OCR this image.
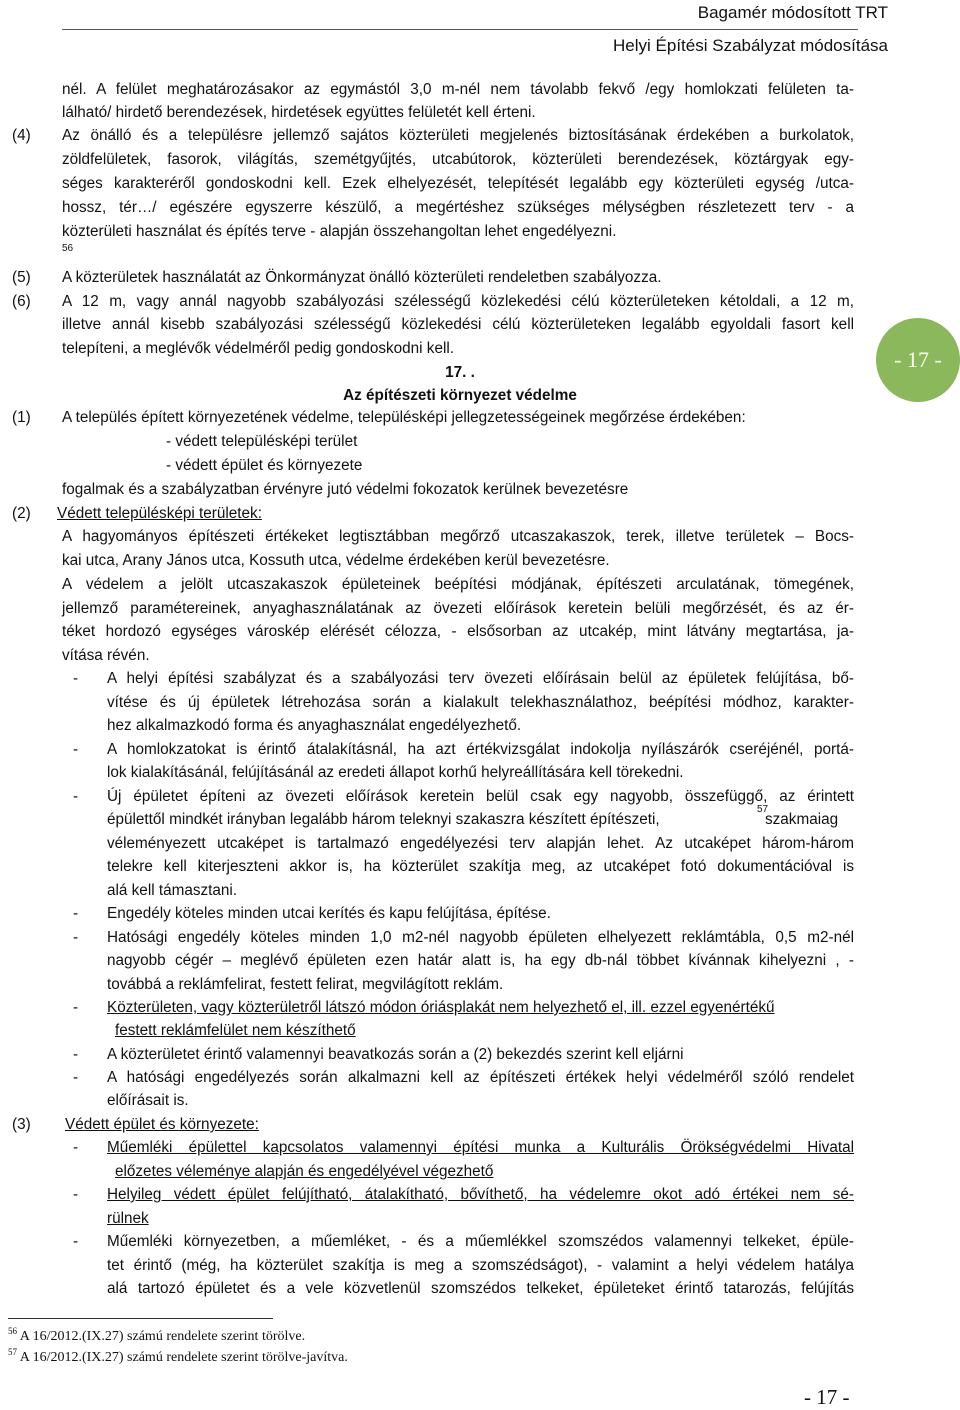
Bagamér módosított TRT
Helyi Építési Szabályzat módosítása
- 17 -
nél. A felület meghatározásakor az egymástól 3,0 m-nél nem távolabb fekvő /egy homlokzati felületen ta-
lálható/ hirdető berendezések, hirdetések együttes felületét kell érteni.
Az önálló és a településre jellemző sajátos közterületi megjelenés biztosításának érdekében a burkolatok,
zöldfelületek, fasorok, világítás, szemétgyűjtés, utcabútorok, közterületi berendezések, köztárgyak egy-
séges karakteréről gondoskodni kell. Ezek elhelyezését, telepítését legalább egy közterületi egység /utca-
hossz, tér…/ egészére egyszerre készülő, a megértéshez szükséges mélységben részletezett terv - a
közterületi használat és építés terve - alapján összehangoltan lehet engedélyezni.
A közterületek használatát az Önkormányzat önálló közterületi rendeletben szabályozza.
A 12 m, vagy annál nagyobb szabályozási szélességű közlekedési célú közterületeken kétoldali, a 12 m,
illetve annál kisebb szabályozási szélességű közlekedési célú közterületeken legalább egyoldali fasort kell
telepíteni, a meglévők védelméről pedig gondoskodni kell.
A település épített környezetének védelme, településképi jellegzetességeinek megőrzése érdekében:
- védett településképi terület
- védett épület és környezete
fogalmak és a szabályzatban érvényre jutó védelmi fokozatok kerülnek bevezetésre
Védett településképi területek:
A hagyományos építészeti értékeket legtisztábban megőrző utcaszakaszok, terek, illetve területek – Bocs-
kai utca, Arany János utca, Kossuth utca, védelme érdekében kerül bevezetésre.
A védelem a jelölt utcaszakaszok épületeinek beépítési módjának, építészeti arculatának, tömegének,
jellemző paramétereinek, anyaghasználatának az övezeti előírások keretein belüli megőrzését, és az ér-
téket hordozó egységes városkép elérését célozza, - elsősorban az utcakép, mint látvány megtartása, ja-
vítása révén.
A helyi építési szabályzat és a szabályozási terv övezeti előírásain belül az épületek felújítása, bő-
vítése és új épületek létrehozása során a kialakult telekhasználathoz, beépítési módhoz, karakter-
hez alkalmazkodó forma és anyaghasználat engedélyezhető.
A homlokzatokat is érintő átalakításnál, ha azt értékvizsgálat indokolja nyílászárók cseréjénél, portá-
lok kialakításánál, felújításánál az eredeti állapot korhű helyreállítására kell törekedni.
Új épületet építeni az övezeti előírások keretein belül csak egy nagyobb, összefüggő, az érintett
épülettől mindkét irányban legalább három teleknyi szakaszra készített építészeti,	szakmaiag
véleményezett utcaképet is tartalmazó engedélyezési terv alapján lehet. Az utcaképet három-három
telekre kell kiterjeszteni akkor is, ha közterület szakítja meg, az utcaképet fotó dokumentációval is
alá kell támasztani.
Engedély köteles minden utcai kerítés és kapu felújítása, építése.
Hatósági engedély köteles minden 1,0 m2-nél nagyobb épületen elhelyezett reklámtábla, 0,5 m2-nél
nagyobb cégér – meglévő épületen ezen határ alatt is, ha egy db-nál többet kívánnak kihelyezni , -
továbbá a reklámfelirat, festett felirat, megvilágított reklám.
Közterületen, vagy közterületről látszó módon óriásplakát nem helyezhető el, ill. ezzel egyenértékű
festett reklámfelület nem készíthető
A közterületet érintő valamennyi beavatkozás során a (2) bekezdés szerint kell eljárni
A hatósági engedélyezés során alkalmazni kell az építészeti értékek helyi védelméről szóló rendelet
előírásait is.
Védett épület és környezete:
Műemléki épülettel kapcsolatos valamennyi építési munka a Kulturális Örökségvédelmi Hivatal
előzetes véleménye alapján és engedélyével végezhető
Helyileg védett épület felújítható, átalakítható, bővíthető, ha védelemre okot adó értékei nem sé-
rülnek
Műemléki környezetben, a műemléket, - és a műemlékkel szomszédos valamennyi telkeket, épüle-
tet érintő (még, ha közterület szakítja is meg a szomszédságot), - valamint a helyi védelem hatálya
alá tartozó épületet és a vele közvetlenül szomszédos telkeket, épületeket érintő tatarozás, felújítás
56
57
17. .
Az építészeti környezet védelme
(4)
(5)
(6)
(1)
(2)
(3)
-
-
-
-
-
-
-
-
-
-
-
$^{56}$ A 16/2012.(IX.27) számú rendelete szerint törölve.
$^{57}$ A 16/2012.(IX.27) számú rendelete szerint törölve-javítva.
- 17 -
